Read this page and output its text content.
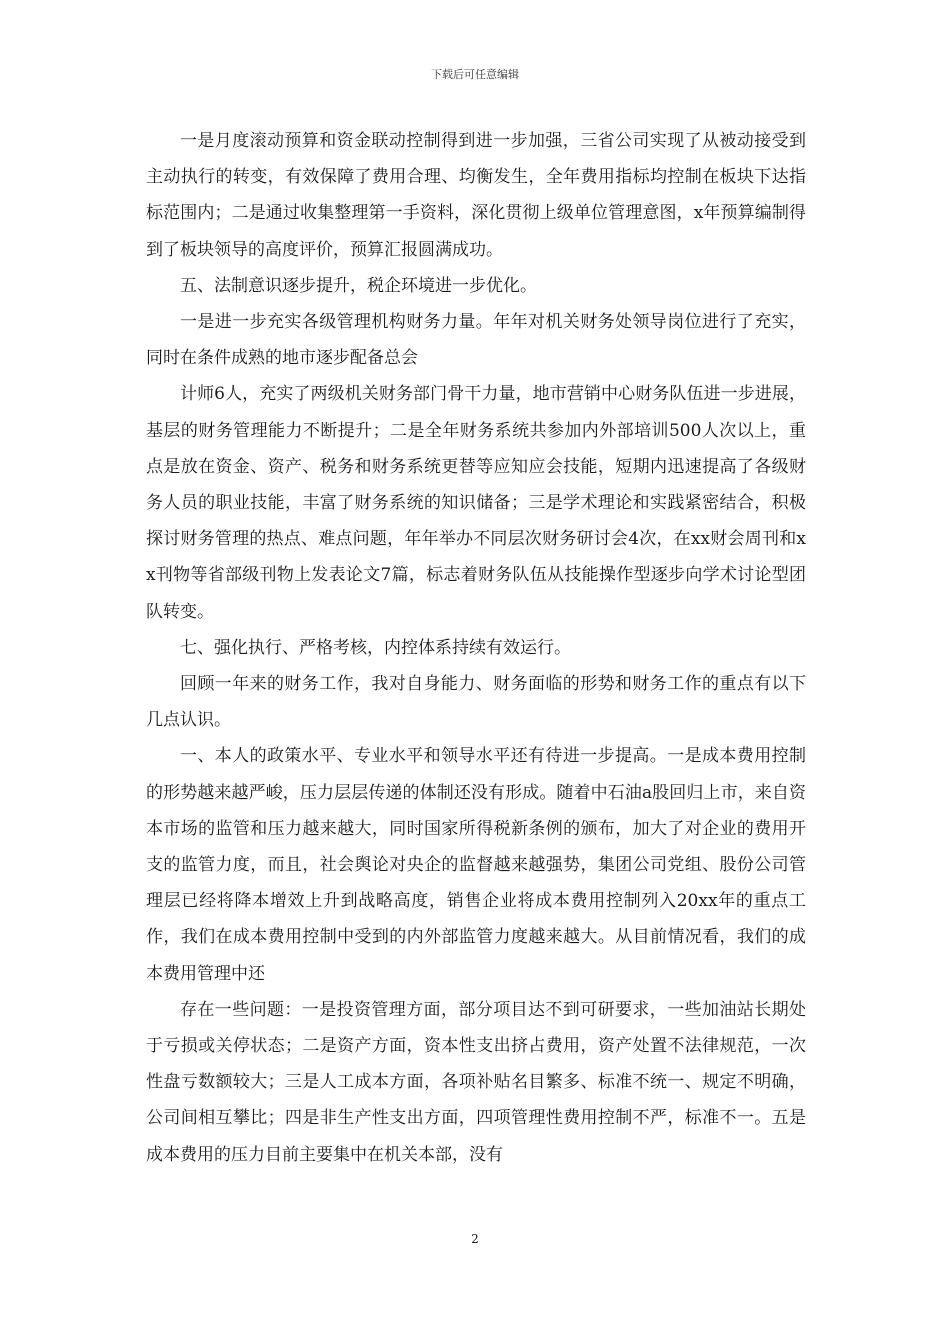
下载后可任意编辑

一是月度滚动预算和资金联动控制得到进一步加强，三省公司实现了从被动接受到主动执行的转变，有效保障了费用合理、均衡发生，全年费用指标均控制在板块下达指标范围内；二是通过收集整理第一手资料，深化贯彻上级单位管理意图，x年预算编制得到了板块领导的高度评价，预算汇报圆满成功。

五、法制意识逐步提升，税企环境进一步优化。

一是进一步充实各级管理机构财务力量。年年对机关财务处领导岗位进行了充实，同时在条件成熟的地市逐步配备总会

计师6人，充实了两级机关财务部门骨干力量，地市营销中心财务队伍进一步进展，基层的财务管理能力不断提升；二是全年财务系统共参加内外部培训500人次以上，重点是放在资金、资产、税务和财务系统更替等应知应会技能，短期内迅速提高了各级财务人员的职业技能，丰富了财务系统的知识储备；三是学术理论和实践紧密结合，积极探讨财务管理的热点、难点问题，年年举办不同层次财务研讨会4次，在xx财会周刊和xx刊物等省部级刊物上发表论文7篇，标志着财务队伍从技能操作型逐步向学术讨论型团队转变。

七、强化执行、严格考核，内控体系持续有效运行。

回顾一年来的财务工作，我对自身能力、财务面临的形势和财务工作的重点有以下几点认识。

一、本人的政策水平、专业水平和领导水平还有待进一步提高。一是成本费用控制的形势越来越严峻，压力层层传递的体制还没有形成。随着中石油a股回归上市，来自资本市场的监管和压力越来越大，同时国家所得税新条例的颁布，加大了对企业的费用开支的监管力度，而且，社会舆论对央企的监督越来越强势，集团公司党组、股份公司管理层已经将降本增效上升到战略高度，销售企业将成本费用控制列入20xx年的重点工作，我们在成本费用控制中受到的内外部监管力度越来越大。从目前情况看，我们的成本费用管理中还

存在一些问题：一是投资管理方面，部分项目达不到可研要求，一些加油站长期处于亏损或关停状态；二是资产方面，资本性支出挤占费用，资产处置不法律规范，一次性盘亏数额较大；三是人工成本方面，各项补贴名目繁多、标准不统一、规定不明确，公司间相互攀比；四是非生产性支出方面，四项管理性费用控制不严，标准不一。五是成本费用的压力目前主要集中在机关本部，没有

2
